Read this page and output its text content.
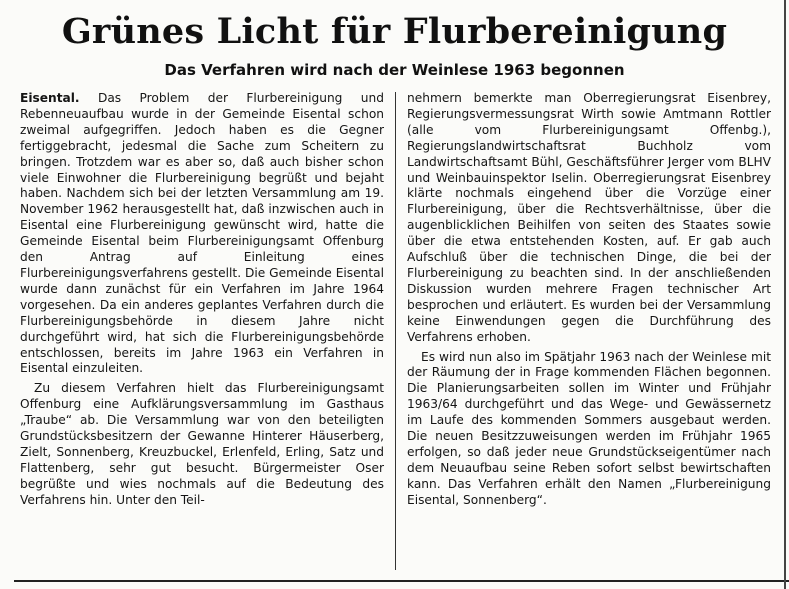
Grünes Licht für Flurbereinigung
Das Verfahren wird nach der Weinlese 1963 begonnen

Eisental. Das Problem der Flurbereinigung und Rebenneuaufbau wurde in der Gemeinde Eisental schon zweimal aufgegriffen. Jedoch haben es die Gegner fertiggebracht, jedesmal die Sache zum Scheitern zu bringen. Trotzdem war es aber so, daß auch bisher schon viele Einwohner die Flurbereinigung begrüßt und bejaht haben. Nachdem sich bei der letzten Versammlung am 19. November 1962 herausgestellt hat, daß inzwischen auch in Eisental eine Flurbereinigung gewünscht wird, hatte die Gemeinde Eisental beim Flurbereinigungsamt Offenburg den Antrag auf Einleitung eines Flurbereinigungsverfahrens gestellt. Die Gemeinde Eisental wurde dann zunächst für ein Verfahren im Jahre 1964 vorgesehen. Da ein anderes geplantes Verfahren durch die Flurbereinigungsbehörde in diesem Jahre nicht durchgeführt wird, hat sich die Flurbereinigungsbehörde entschlossen, bereits im Jahre 1963 ein Verfahren in Eisental einzuleiten.

Zu diesem Verfahren hielt das Flurbereinigungsamt Offenburg eine Aufklärungsversammlung im Gasthaus „Traube“ ab. Die Versammlung war von den beteiligten Grundstücksbesitzern der Gewanne Hinterer Häuserberg, Zielt, Sonnenberg, Kreuzbuckel, Erlenfeld, Erling, Satz und Flattenberg, sehr gut besucht. Bürgermeister Oser begrüßte und wies nochmals auf die Bedeutung des Verfahrens hin. Unter den Teil-

nehmern bemerkte man Oberregierungsrat Eisenbrey, Regierungsvermessungsrat Wirth sowie Amtmann Rottler (alle vom Flurbereinigungsamt Offenbg.), Regierungslandwirtschaftsrat Buchholz vom Landwirtschaftsamt Bühl, Geschäftsführer Jerger vom BLHV und Weinbauinspektor Iselin. Oberregierungsrat Eisenbrey klärte nochmals eingehend über die Vorzüge einer Flurbereinigung, über die Rechtsverhältnisse, über die augenblicklichen Beihilfen von seiten des Staates sowie über die etwa entstehenden Kosten, auf. Er gab auch Aufschluß über die technischen Dinge, die bei der Flurbereinigung zu beachten sind. In der anschließenden Diskussion wurden mehrere Fragen technischer Art besprochen und erläutert. Es wurden bei der Versammlung keine Einwendungen gegen die Durchführung des Verfahrens erhoben.

Es wird nun also im Spätjahr 1963 nach der Weinlese mit der Räumung der in Frage kommenden Flächen begonnen. Die Planierungsarbeiten sollen im Winter und Frühjahr 1963/64 durchgeführt und das Wege- und Gewässernetz im Laufe des kommenden Sommers ausgebaut werden. Die neuen Besitzzuweisungen werden im Frühjahr 1965 erfolgen, so daß jeder neue Grundstückseigentümer nach dem Neuaufbau seine Reben sofort selbst bewirtschaften kann. Das Verfahren erhält den Namen „Flurbereinigung Eisental, Sonnenberg“.
